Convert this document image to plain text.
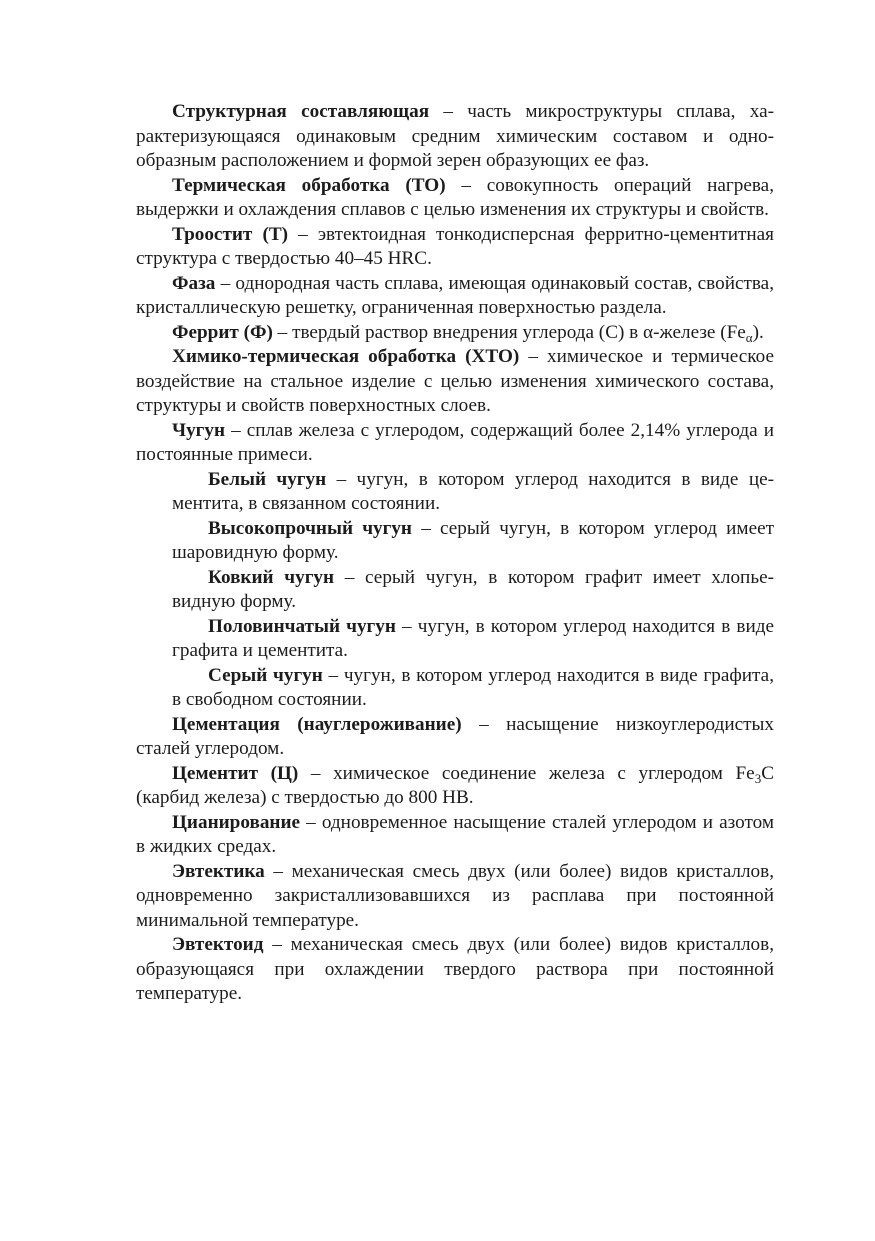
Структурная составляющая – часть микроструктуры сплава, характеризующаяся одинаковым средним химическим составом и однообразным расположением и формой зерен образующих ее фаз.

Термическая обработка (ТО) – совокупность операций нагрева, выдержки и охлаждения сплавов с целью изменения их структуры и свойств.

Троостит (Т) – эвтектоидная тонкодисперсная ферритно-цементитная структура с твердостью 40–45 HRC.

Фаза – однородная часть сплава, имеющая одинаковый состав, свойства, кристаллическую решетку, ограниченная поверхностью раздела.

Феррит (Ф) – твердый раствор внедрения углерода (С) в α-железе $(Fe_\alpha)$.

Химико-термическая обработка (ХТО) – химическое и термическое воздействие на стальное изделие с целью изменения химического состава, структуры и свойств поверхностных слоев.

Чугун – сплав железа с углеродом, содержащий более 2,14% углерода и постоянные примеси.

Белый чугун – чугун, в котором углерод находится в виде цементита, в связанном состоянии.

Высокопрочный чугун – серый чугун, в котором углерод имеет шаровидную форму.

Ковкий чугун – серый чугун, в котором графит имеет хлопьевидную форму.

Половинчатый чугун – чугун, в котором углерод находится в виде графита и цементита.

Серый чугун – чугун, в котором углерод находится в виде графита, в свободном состоянии.

Цементация (науглероживание) – насыщение низкоуглеродистых сталей углеродом.

Цементит (Ц) – химическое соединение железа с углеродом $Fe_3C$ (карбид железа) с твердостью до 800 HB.

Цианирование – одновременное насыщение сталей углеродом и азотом в жидких средах.

Эвтектика – механическая смесь двух (или более) видов кристаллов, одновременно закристаллизовавшихся из расплава при постоянной минимальной температуре.

Эвтектоид – механическая смесь двух (или более) видов кристаллов, образующаяся при охлаждении твердого раствора при постоянной температуре.
